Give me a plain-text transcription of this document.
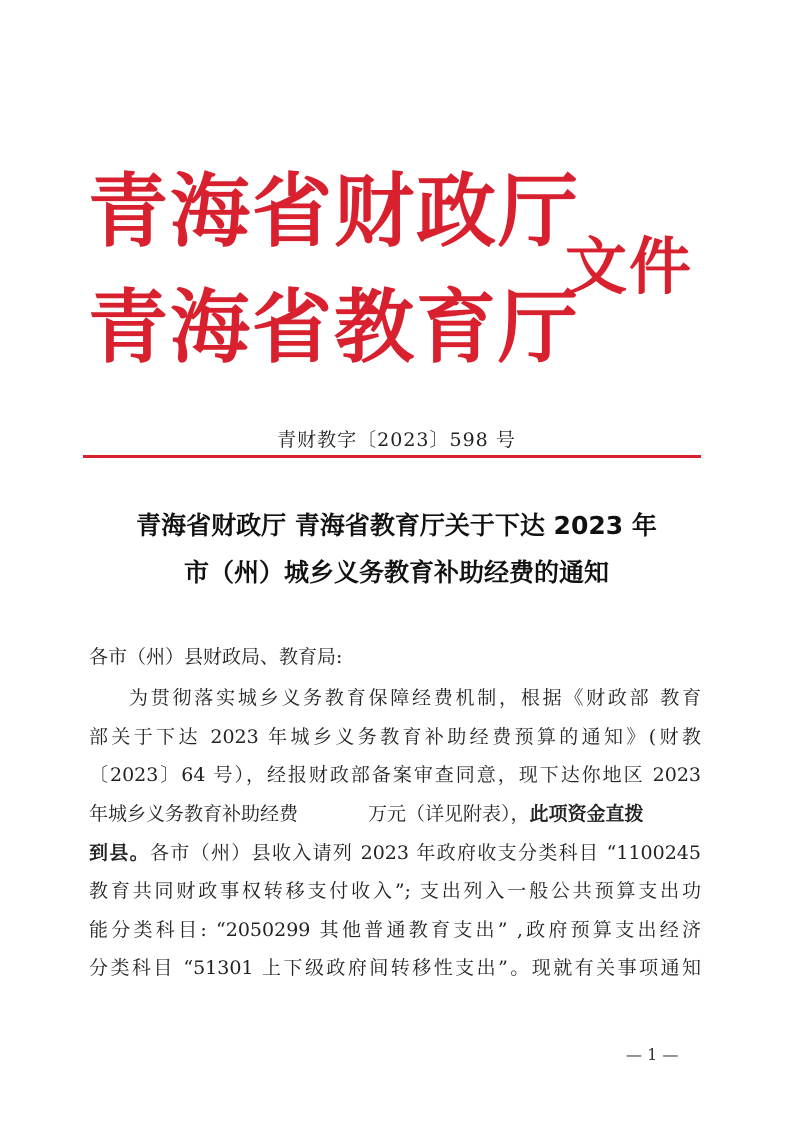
青海省财政厅
青海省教育厅
文件
青财教字〔2023〕598 号
青海省财政厅 青海省教育厅关于下达 2023 年
市（州）城乡义务教育补助经费的通知
各市（州）县财政局、教育局:
为贯彻落实城乡义务教育保障经费机制，根据《财政部 教育
部关于下达 2023 年城乡义务教育补助经费预算的通知》(财教
〔2023〕64 号），经报财政部备案审查同意，现下达你地区 2023
年城乡义务教育补助经费	万元（详见附表），此项资金直拨
到县。各市（州）县收入请列 2023 年政府收支分类科目 “1100245
教育共同财政事权转移支付收入”; 支出列入一般公共预算支出功
能分类科目: “2050299 其他普通教育支出” ,政府预算支出经济
分类科目 “51301 上下级政府间转移性支出”。现就有关事项通知
— 1 —
